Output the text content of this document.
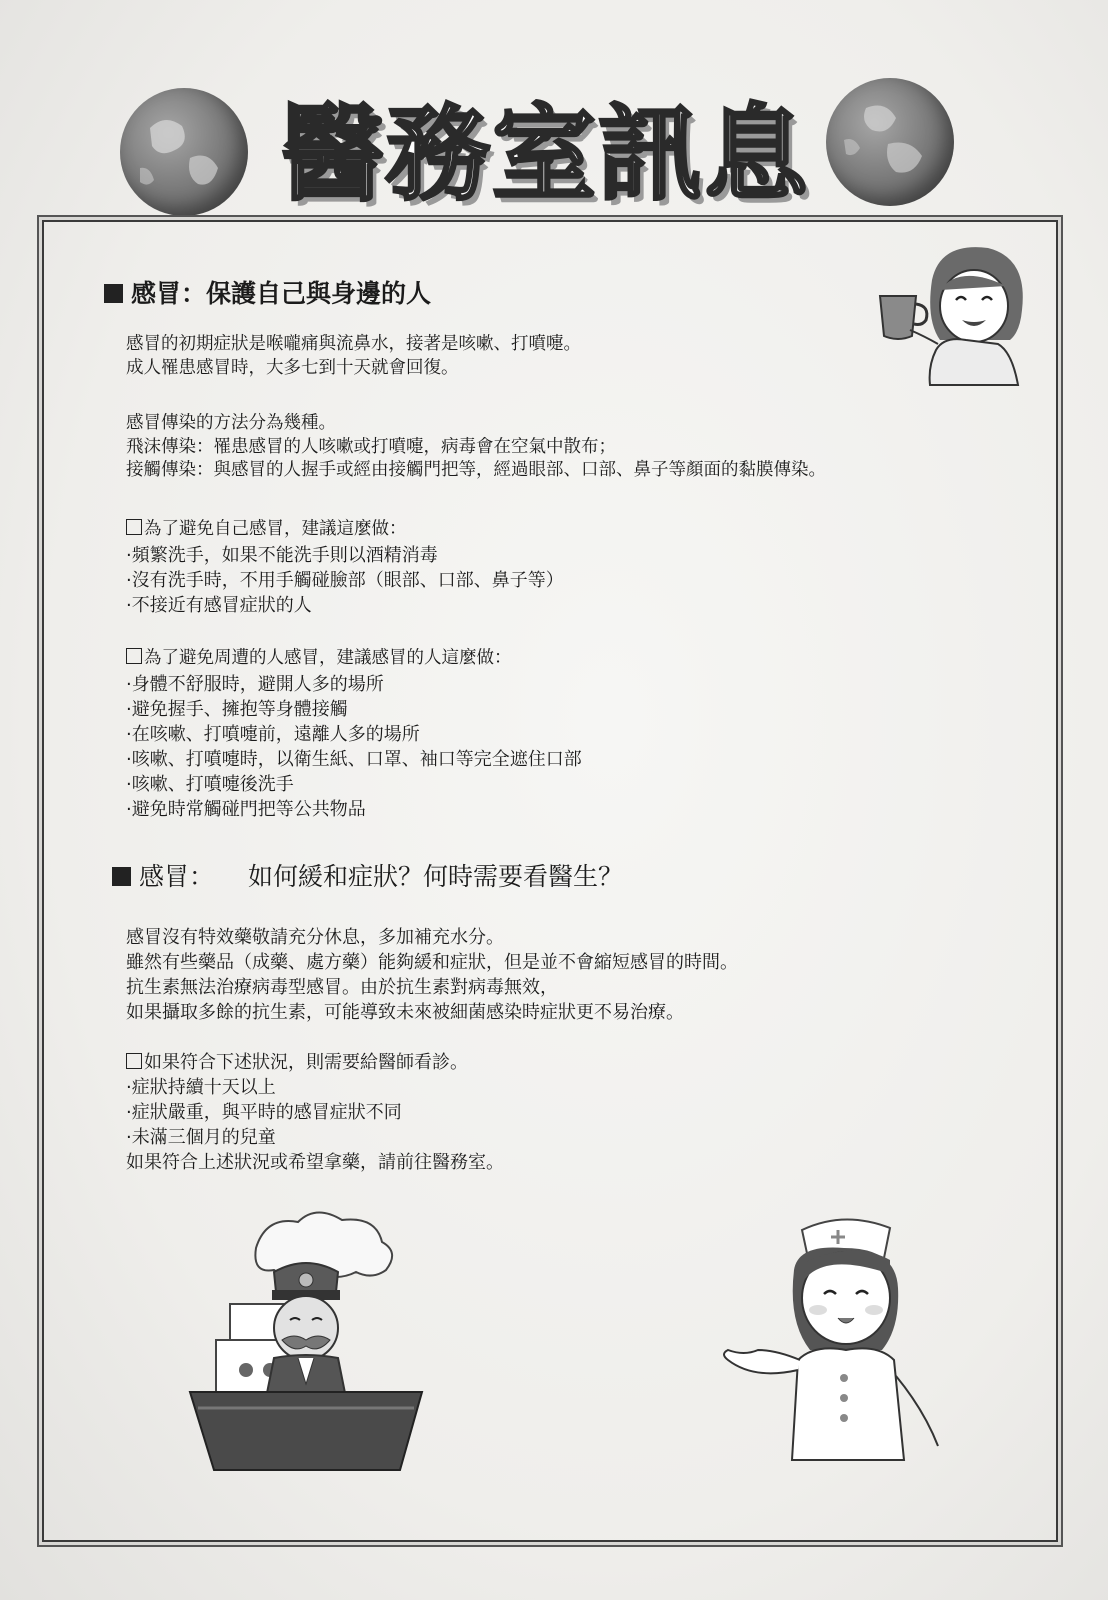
醫務室訊息
感冒：保護自己與身邊的人

感冒的初期症狀是喉嚨痛與流鼻水，接著是咳嗽、打噴嚏。

成人罹患感冒時，大多七到十天就會回復。

感冒傳染的方法分為幾種。

飛沫傳染：罹患感冒的人咳嗽或打噴嚏，病毒會在空氣中散布；

接觸傳染：與感冒的人握手或經由接觸門把等，經過眼部、口部、鼻子等顏面的黏膜傳染。

為了避免自己感冒，建議這麼做：

·頻繁洗手，如果不能洗手則以酒精消毒
·沒有洗手時，不用手觸碰臉部（眼部、口部、鼻子等）
·不接近有感冒症狀的人

為了避免周遭的人感冒，建議感冒的人這麼做：

·身體不舒服時，避開人多的場所
·避免握手、擁抱等身體接觸
·在咳嗽、打噴嚏前，遠離人多的場所
·咳嗽、打噴嚏時，以衛生紙、口罩、袖口等完全遮住口部
·咳嗽、打噴嚏後洗手
·避免時常觸碰門把等公共物品
感冒： 如何緩和症狀？何時需要看醫生？

感冒沒有特效藥敬請充分休息，多加補充水分。

雖然有些藥品（成藥、處方藥）能夠緩和症狀，但是並不會縮短感冒的時間。

抗生素無法治療病毒型感冒。由於抗生素對病毒無效，

如果攝取多餘的抗生素，可能導致未來被細菌感染時症狀更不易治療。

如果符合下述狀況，則需要給醫師看診。

·症狀持續十天以上

·症狀嚴重，與平時的感冒症狀不同

·未滿三個月的兒童

如果符合上述狀況或希望拿藥，請前往醫務室。
